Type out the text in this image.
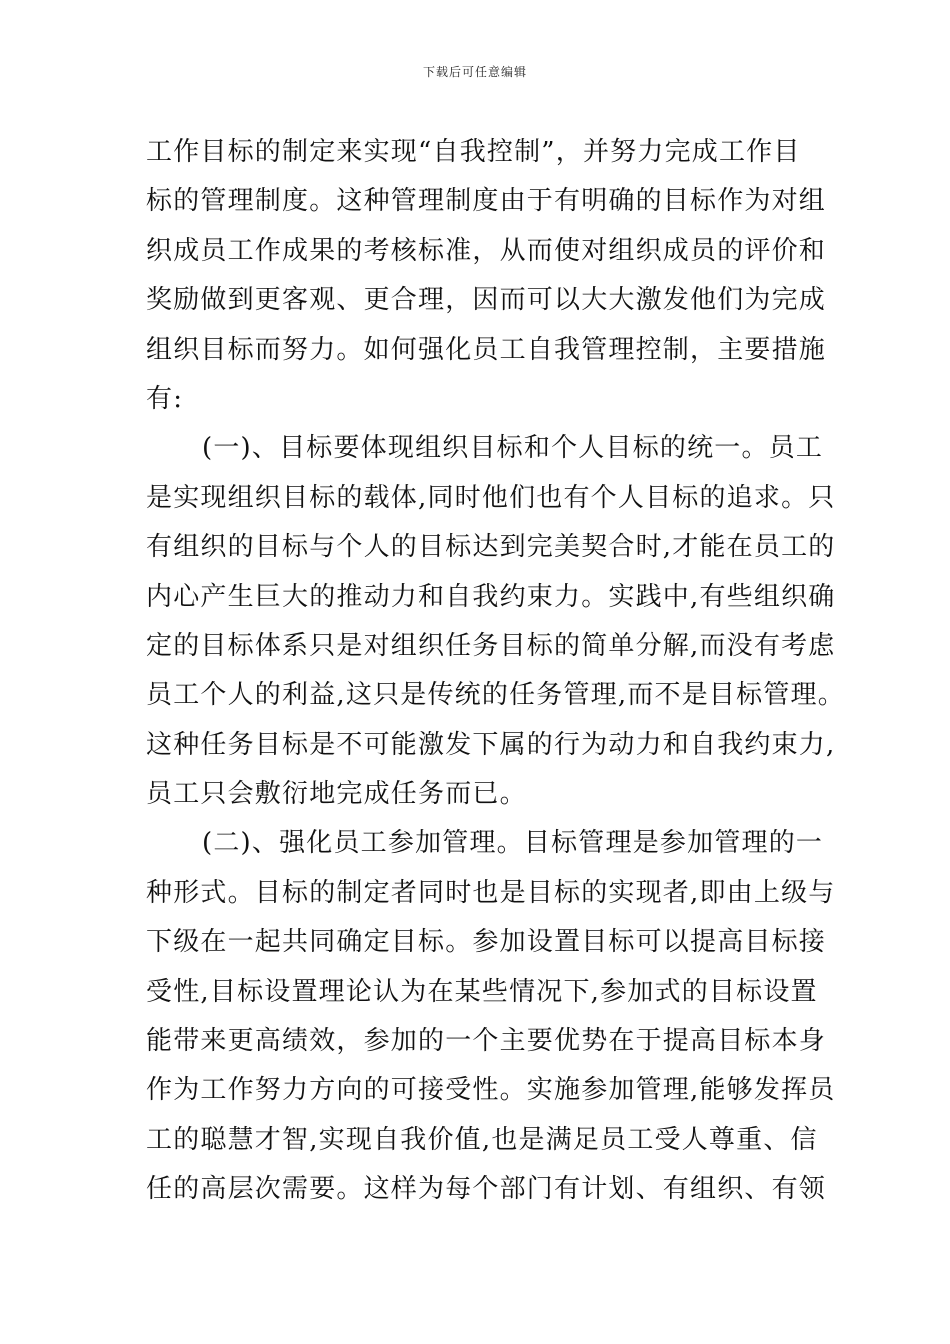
下载后可任意编辑
工作目标的制定来实现“自我控制”，并努力完成工作目
标的管理制度。这种管理制度由于有明确的目标作为对组
织成员工作成果的考核标准，从而使对组织成员的评价和
奖励做到更客观、更合理，因而可以大大激发他们为完成
组织目标而努力。如何强化员工自我管理控制，主要措施
有:
(一)、目标要体现组织目标和个人目标的统一。员工
是实现组织目标的载体,同时他们也有个人目标的追求。只
有组织的目标与个人的目标达到完美契合时,才能在员工的
内心产生巨大的推动力和自我约束力。实践中,有些组织确
定的目标体系只是对组织任务目标的简单分解,而没有考虑
员工个人的利益,这只是传统的任务管理,而不是目标管理。
这种任务目标是不可能激发下属的行为动力和自我约束力,
员工只会敷衍地完成任务而已。
(二)、强化员工参加管理。目标管理是参加管理的一
种形式。目标的制定者同时也是目标的实现者,即由上级与
下级在一起共同确定目标。参加设置目标可以提高目标接
受性,目标设置理论认为在某些情况下,参加式的目标设置
能带来更高绩效，参加的一个主要优势在于提高目标本身
作为工作努力方向的可接受性。实施参加管理,能够发挥员
工的聪慧才智,实现自我价值,也是满足员工受人尊重、信
任的高层次需要。这样为每个部门有计划、有组织、有领
